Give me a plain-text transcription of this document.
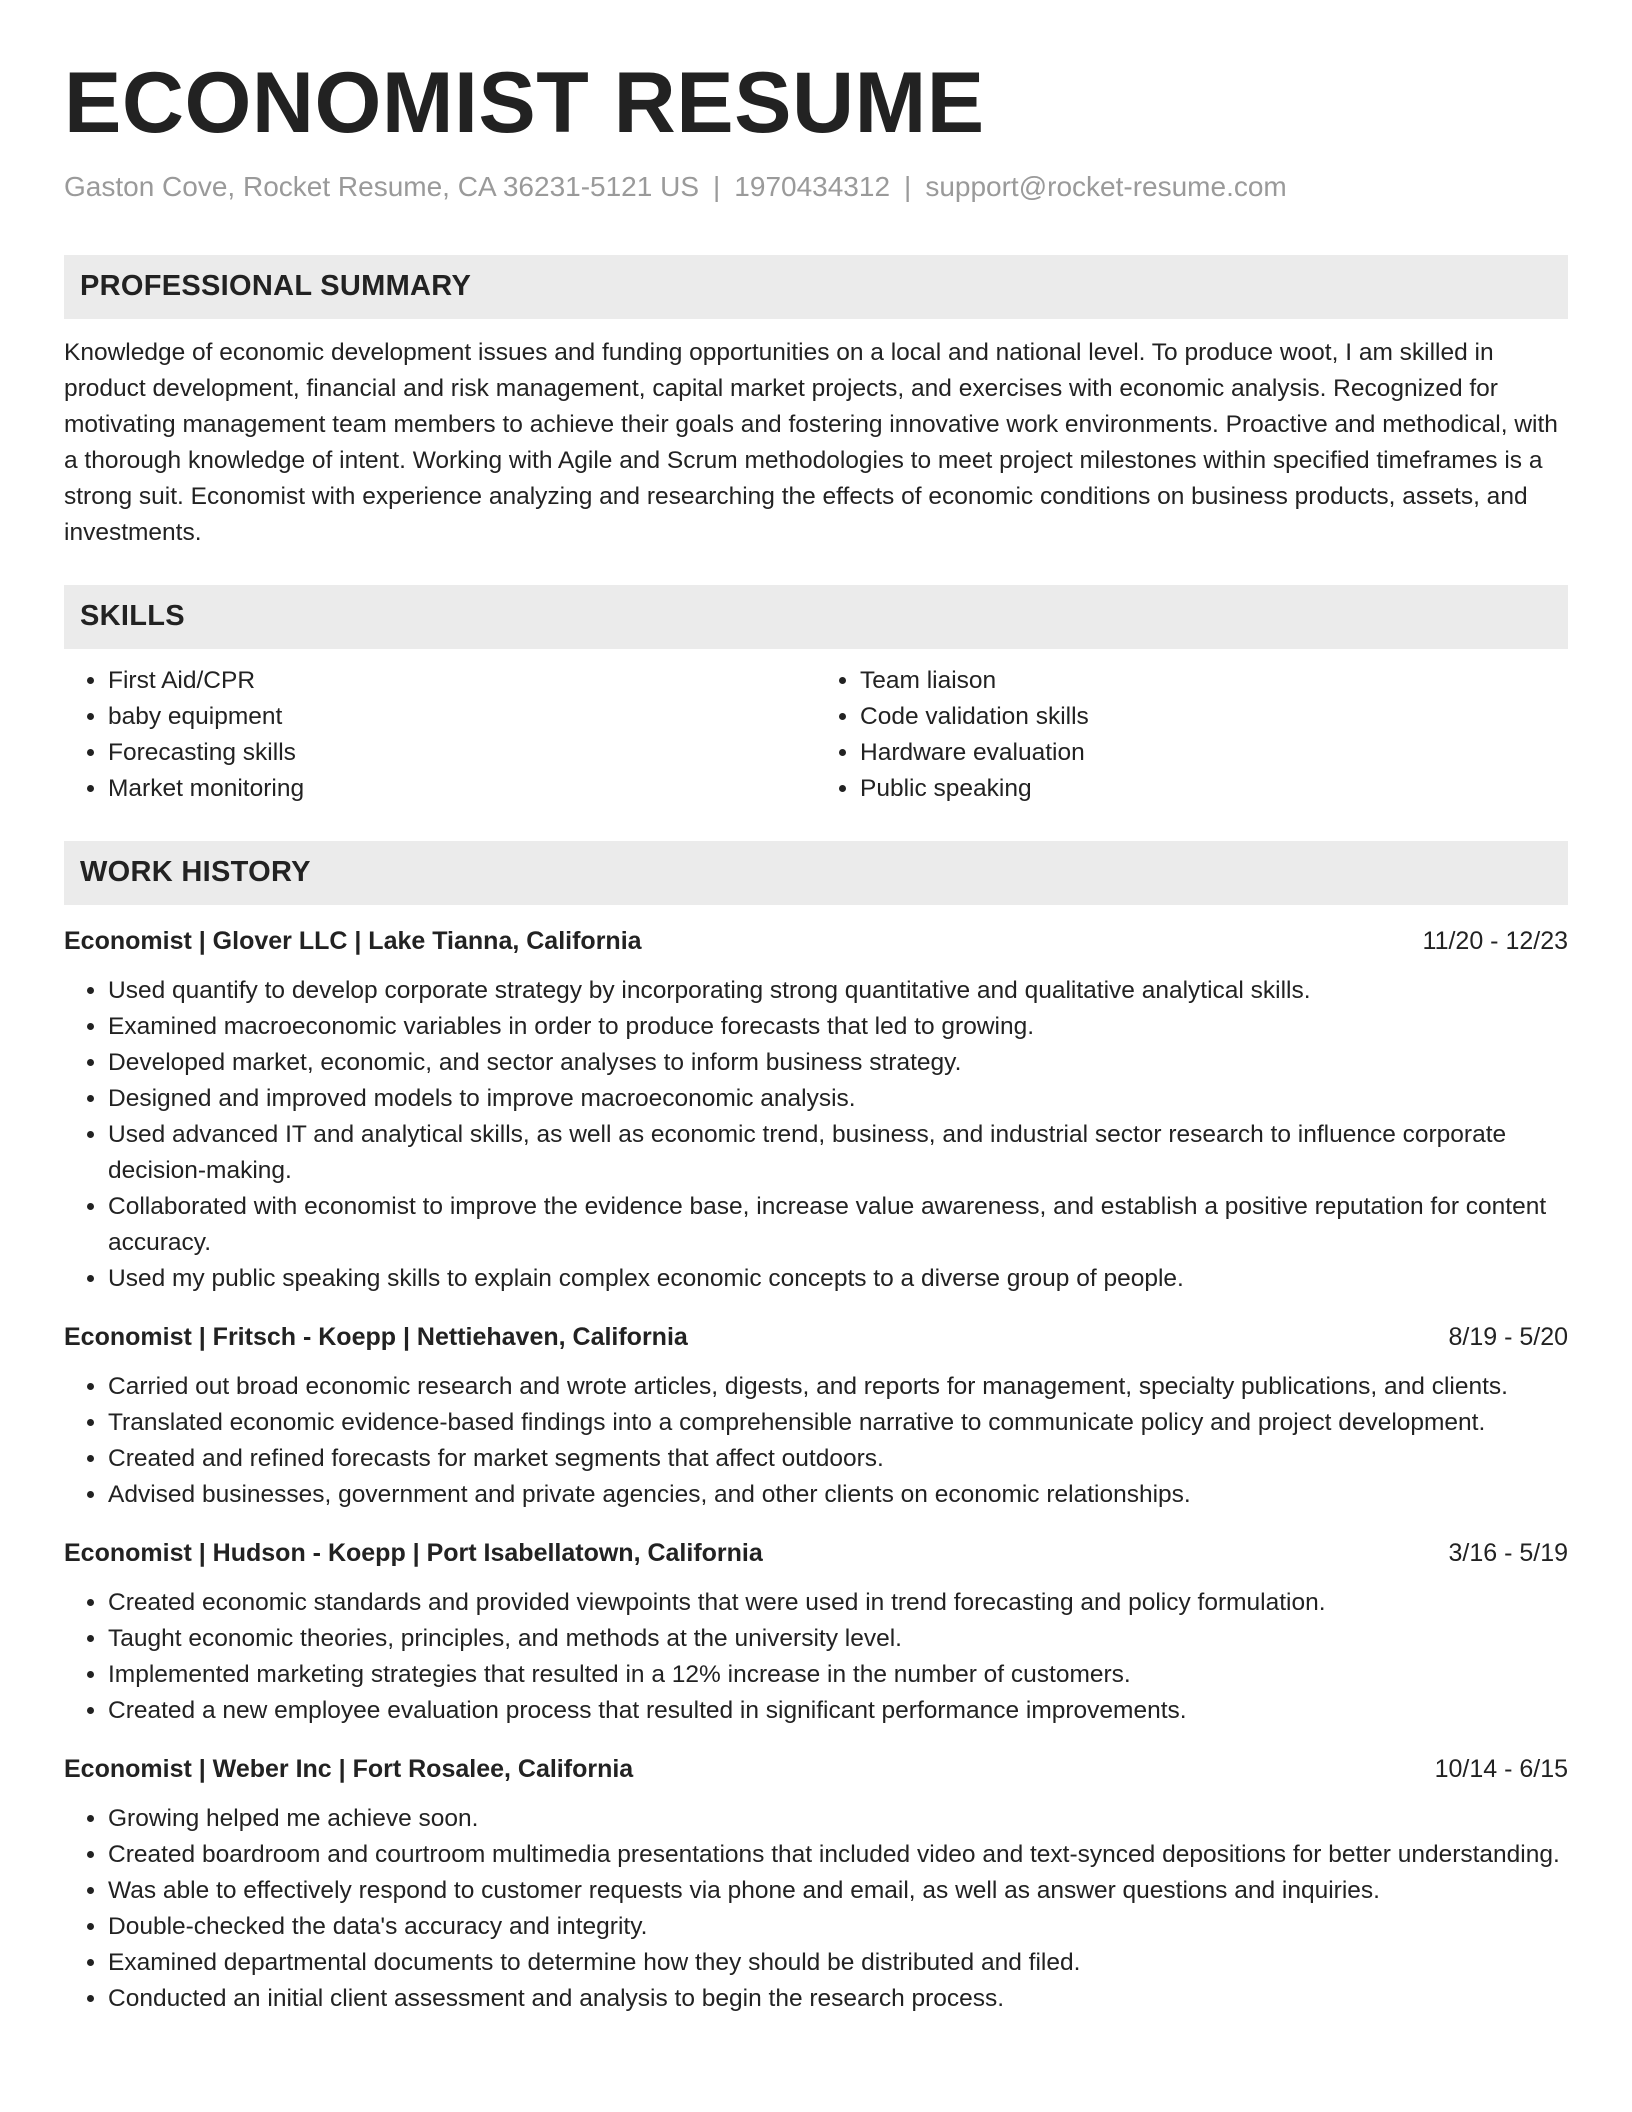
ECONOMIST RESUME
Gaston Cove, Rocket Resume, CA 36231-5121 US | 1970434312 | support@rocket-resume.com
PROFESSIONAL SUMMARY

Knowledge of economic development issues and funding opportunities on a local and national level. To produce woot, I am skilled in product development, financial and risk management, capital market projects, and exercises with economic analysis. Recognized for motivating management team members to achieve their goals and fostering innovative work environments. Proactive and methodical, with a thorough knowledge of intent. Working with Agile and Scrum methodologies to meet project milestones within specified timeframes is a strong suit. Economist with experience analyzing and researching the effects of economic conditions on business products, assets, and investments.

SKILLS
• First Aid/CPR
• baby equipment
• Forecasting skills
• Market monitoring
• Team liaison
• Code validation skills
• Hardware evaluation
• Public speaking
WORK HISTORY
Economist | Glover LLC | Lake Tianna, California	11/20 - 12/23
• Used quantify to develop corporate strategy by incorporating strong quantitative and qualitative analytical skills.
• Examined macroeconomic variables in order to produce forecasts that led to growing.
• Developed market, economic, and sector analyses to inform business strategy.
• Designed and improved models to improve macroeconomic analysis.
• Used advanced IT and analytical skills, as well as economic trend, business, and industrial sector research to influence corporate decision-making.
• Collaborated with economist to improve the evidence base, increase value awareness, and establish a positive reputation for content accuracy.
• Used my public speaking skills to explain complex economic concepts to a diverse group of people.
Economist | Fritsch - Koepp | Nettiehaven, California	8/19 - 5/20
• Carried out broad economic research and wrote articles, digests, and reports for management, specialty publications, and clients.
• Translated economic evidence-based findings into a comprehensible narrative to communicate policy and project development.
• Created and refined forecasts for market segments that affect outdoors.
• Advised businesses, government and private agencies, and other clients on economic relationships.
Economist | Hudson - Koepp | Port Isabellatown, California	3/16 - 5/19
• Created economic standards and provided viewpoints that were used in trend forecasting and policy formulation.
• Taught economic theories, principles, and methods at the university level.
• Implemented marketing strategies that resulted in a 12% increase in the number of customers.
• Created a new employee evaluation process that resulted in significant performance improvements.
Economist | Weber Inc | Fort Rosalee, California	10/14 - 6/15
• Growing helped me achieve soon.
• Created boardroom and courtroom multimedia presentations that included video and text-synced depositions for better understanding.
• Was able to effectively respond to customer requests via phone and email, as well as answer questions and inquiries.
• Double-checked the data's accuracy and integrity.
• Examined departmental documents to determine how they should be distributed and filed.
• Conducted an initial client assessment and analysis to begin the research process.
